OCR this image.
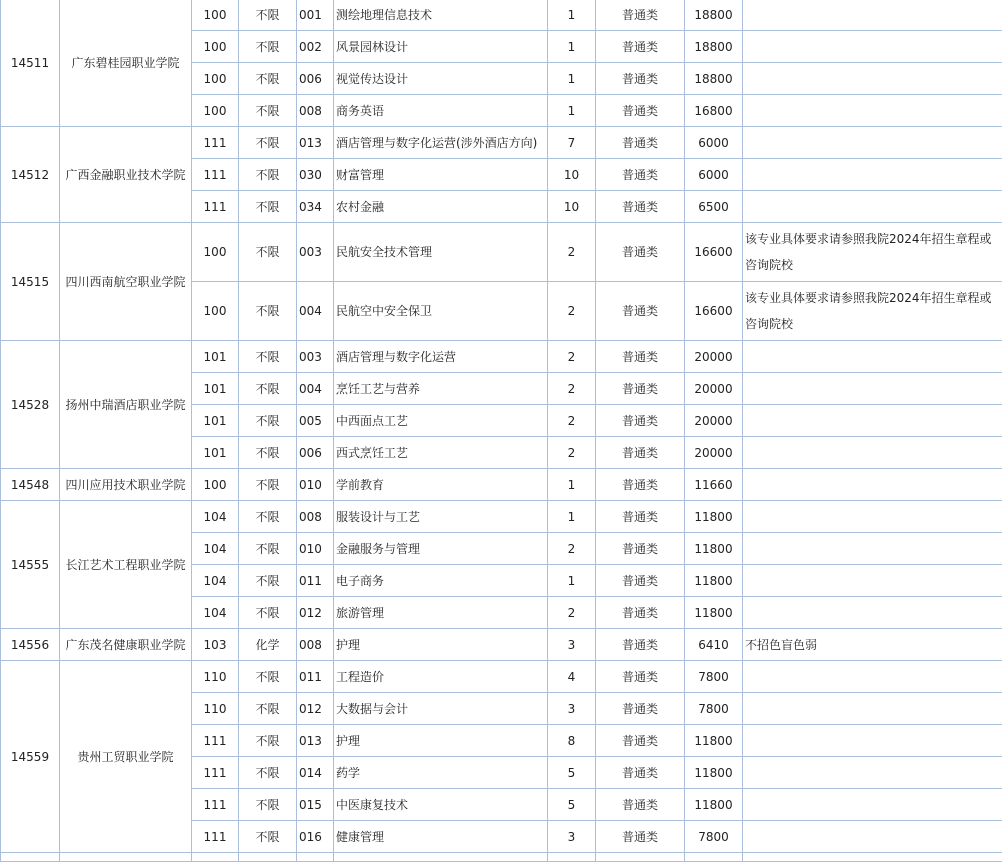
14511	广东碧桂园职业学院	100	不限	001	测绘地理信息技术	1	普通类	18800	
		100	不限	002	风景园林设计	1	普通类	18800	
		100	不限	006	视觉传达设计	1	普通类	18800	
		100	不限	008	商务英语	1	普通类	16800	
14512	广西金融职业技术学院	111	不限	013	酒店管理与数字化运营(涉外酒店方向)	7	普通类	6000	
		111	不限	030	财富管理	10	普通类	6000	
		111	不限	034	农村金融	10	普通类	6500	
14515	四川西南航空职业学院	100	不限	003	民航安全技术管理	2	普通类	16600	该专业具体要求请参照我院2024年招生章程或咨询院校
		100	不限	004	民航空中安全保卫	2	普通类	16600	该专业具体要求请参照我院2024年招生章程或咨询院校
14528	扬州中瑞酒店职业学院	101	不限	003	酒店管理与数字化运营	2	普通类	20000	
		101	不限	004	烹饪工艺与营养	2	普通类	20000	
		101	不限	005	中西面点工艺	2	普通类	20000	
		101	不限	006	西式烹饪工艺	2	普通类	20000	
14548	四川应用技术职业学院	100	不限	010	学前教育	1	普通类	11660	
14555	长江艺术工程职业学院	104	不限	008	服装设计与工艺	1	普通类	11800	
		104	不限	010	金融服务与管理	2	普通类	11800	
		104	不限	011	电子商务	1	普通类	11800	
		104	不限	012	旅游管理	2	普通类	11800	
14556	广东茂名健康职业学院	103	化学	008	护理	3	普通类	6410	不招色盲色弱
14559	贵州工贸职业学院	110	不限	011	工程造价	4	普通类	7800	
		110	不限	012	大数据与会计	3	普通类	7800	
		111	不限	013	护理	8	普通类	11800	
		111	不限	014	药学	5	普通类	11800	
		111	不限	015	中医康复技术	5	普通类	11800	
		111	不限	016	健康管理	3	普通类	7800	
